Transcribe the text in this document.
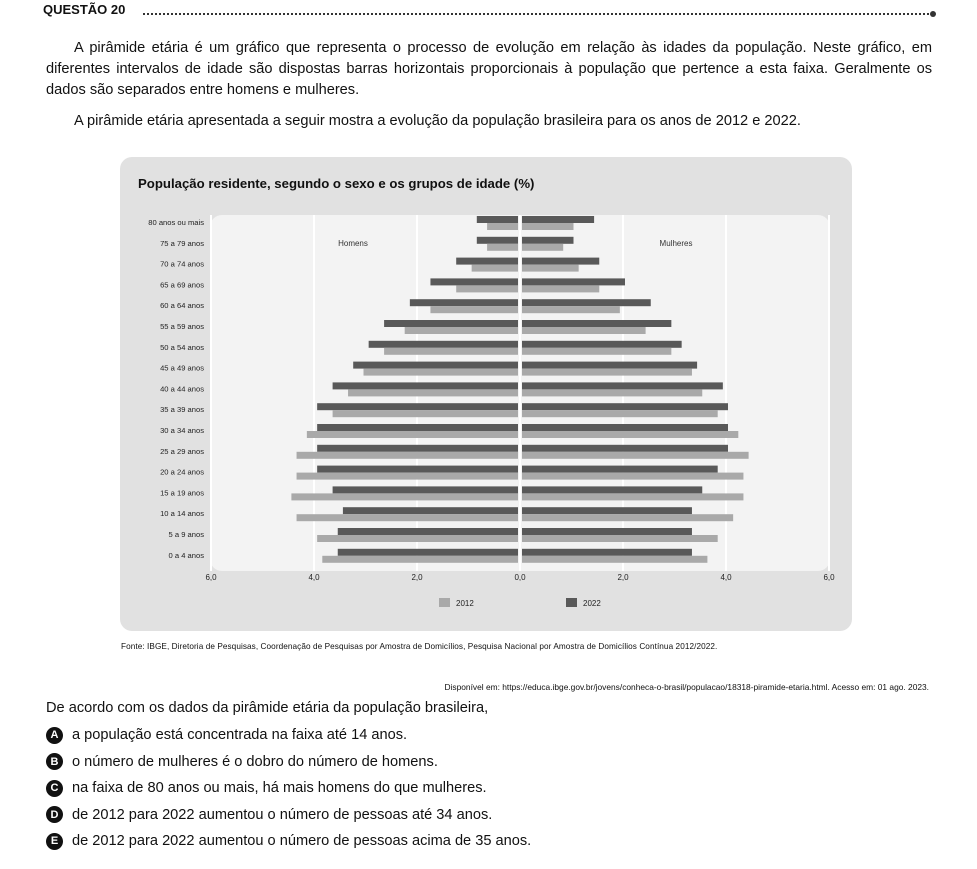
QUESTÃO 20

A pirâmide etária é um gráfico que representa o processo de evolução em relação às idades da população. Neste gráfico, em diferentes intervalos de idade são dispostas barras horizontais proporcionais à população que pertence a esta faixa. Geralmente os dados são separados entre homens e mulheres.

A pirâmide etária apresentada a seguir mostra a evolução da população brasileira para os anos de 2012 e 2022.

População residente, segundo o sexo e os grupos de idade (%)
Homens	Mulheres
80 anos ou mais
75 a 79 anos
70 a 74 anos
65 a 69 anos
60 a 64 anos
55 a 59 anos
50 a 54 anos
45 a 49 anos
40 a 44 anos
35 a 39 anos
30 a 34 anos
25 a 29 anos
20 a 24 anos
15 a 19 anos
10 a 14 anos
5 a 9 anos
0 a 4 anos
6,0	4,0	2,0	0,0	2,0	4,0	6,0
2012	2022
Fonte: IBGE, Diretoria de Pesquisas, Coordenação de Pesquisas por Amostra de Domicílios, Pesquisa Nacional por Amostra de Domicílios Contínua 2012/2022.
Disponível em: https://educa.ibge.gov.br/jovens/conheca-o-brasil/populacao/18318-piramide-etaria.html. Acesso em: 01 ago. 2023.
De acordo com os dados da pirâmide etária da população brasileira,
A a população está concentrada na faixa até 14 anos.
B o número de mulheres é o dobro do número de homens.
C na faixa de 80 anos ou mais, há mais homens do que mulheres.
D de 2012 para 2022 aumentou o número de pessoas até 34 anos.
E de 2012 para 2022 aumentou o número de pessoas acima de 35 anos.
